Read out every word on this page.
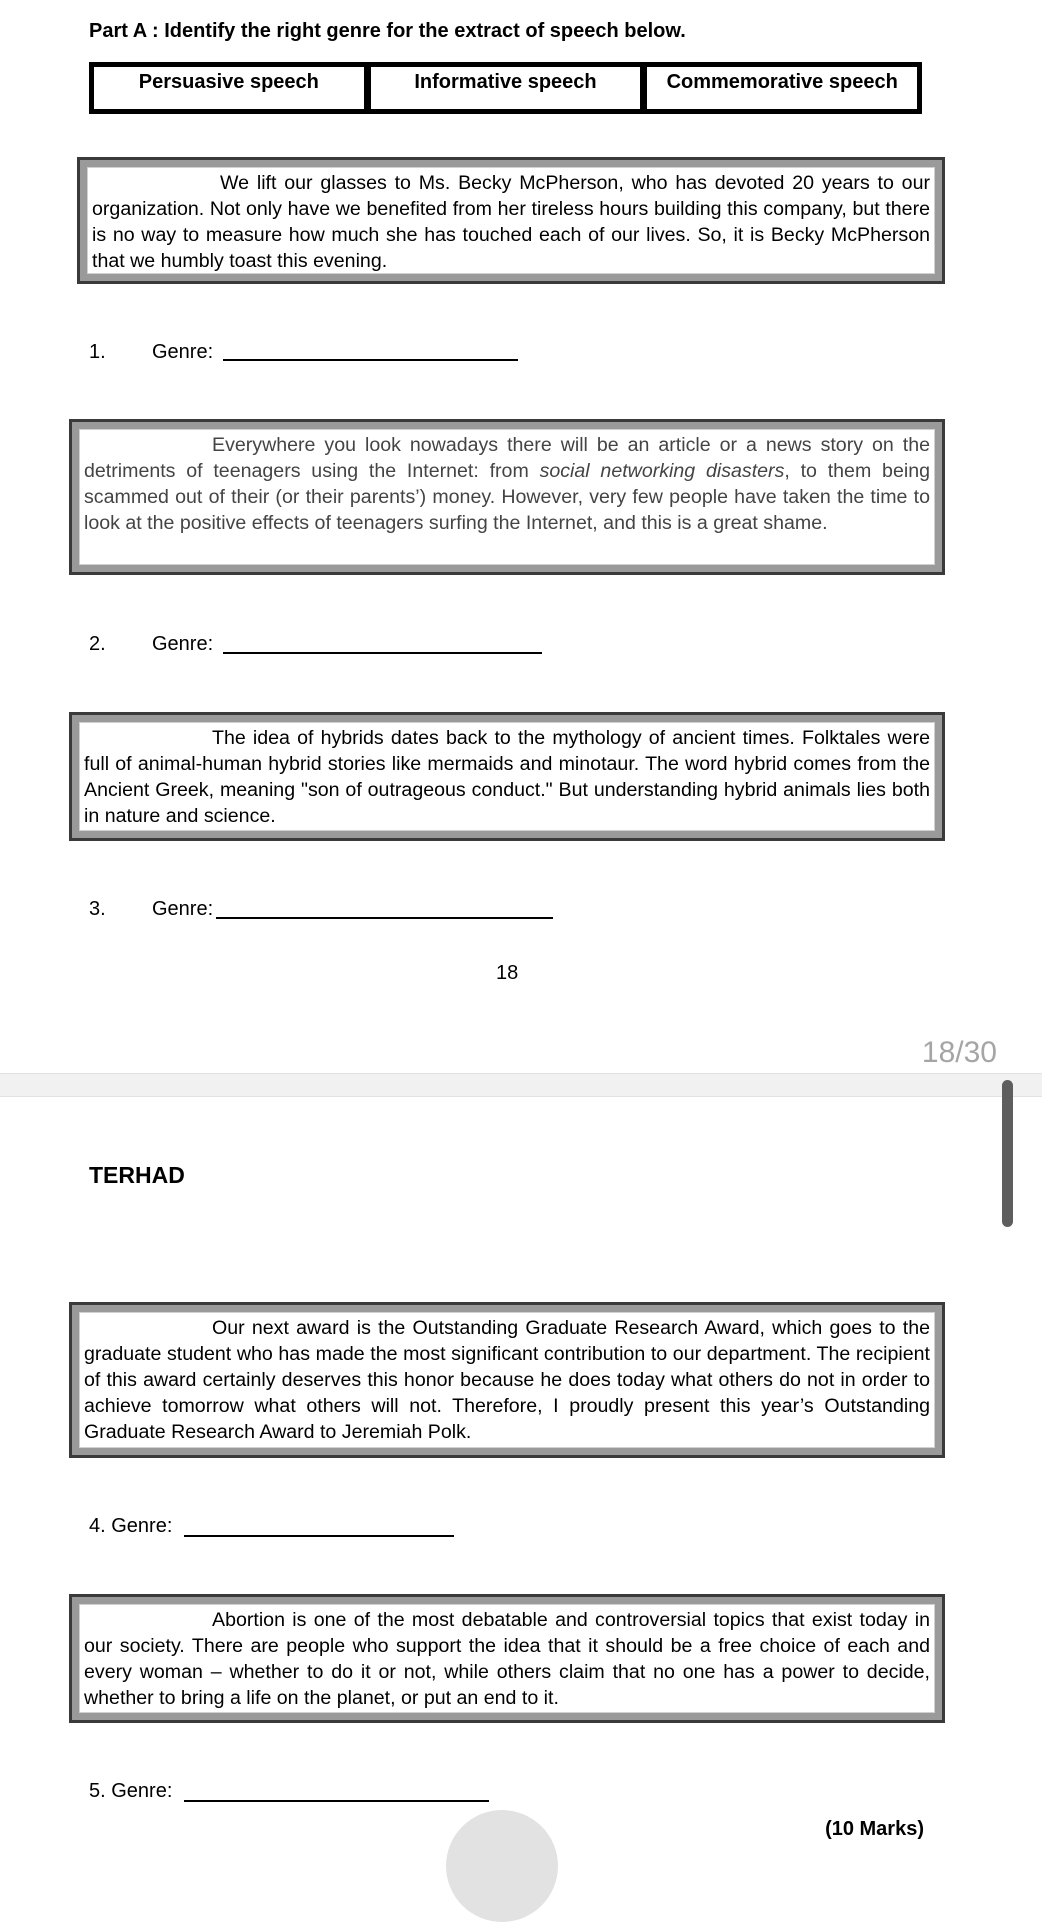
Part A : Identify the right genre for the extract of speech below.
Persuasive speech	Informative speech	Commemorative speech

We lift our glasses to Ms. Becky McPherson, who has devoted 20 years to our organization. Not only have we benefited from her tireless hours building this company, but there is no way to measure how much she has touched each of our lives. So, it is Becky McPherson that we humbly toast this evening.

1. Genre:

Everywhere you look nowadays there will be an article or a news story on the detriments of teenagers using the Internet: from social networking disasters, to them being scammed out of their (or their parents’) money. However, very few people have taken the time to look at the positive effects of teenagers surfing the Internet, and this is a great shame.

2. Genre:

The idea of hybrids dates back to the mythology of ancient times. Folktales were full of animal-human hybrid stories like mermaids and minotaur. The word hybrid comes from the Ancient Greek, meaning "son of outrageous conduct." But understanding hybrid animals lies both in nature and science.

3. Genre:
18
18/30
TERHAD

Our next award is the Outstanding Graduate Research Award, which goes to the graduate student who has made the most significant contribution to our department. The recipient of this award certainly deserves this honor because he does today what others do not in order to achieve tomorrow what others will not. Therefore, I proudly present this year’s Outstanding Graduate Research Award to Jeremiah Polk.

4. Genre:

Abortion is one of the most debatable and controversial topics that exist today in our society. There are people who support the idea that it should be a free choice of each and every woman – whether to do it or not, while others claim that no one has a power to decide, whether to bring a life on the planet, or put an end to it.

5. Genre:
(10 Marks)
